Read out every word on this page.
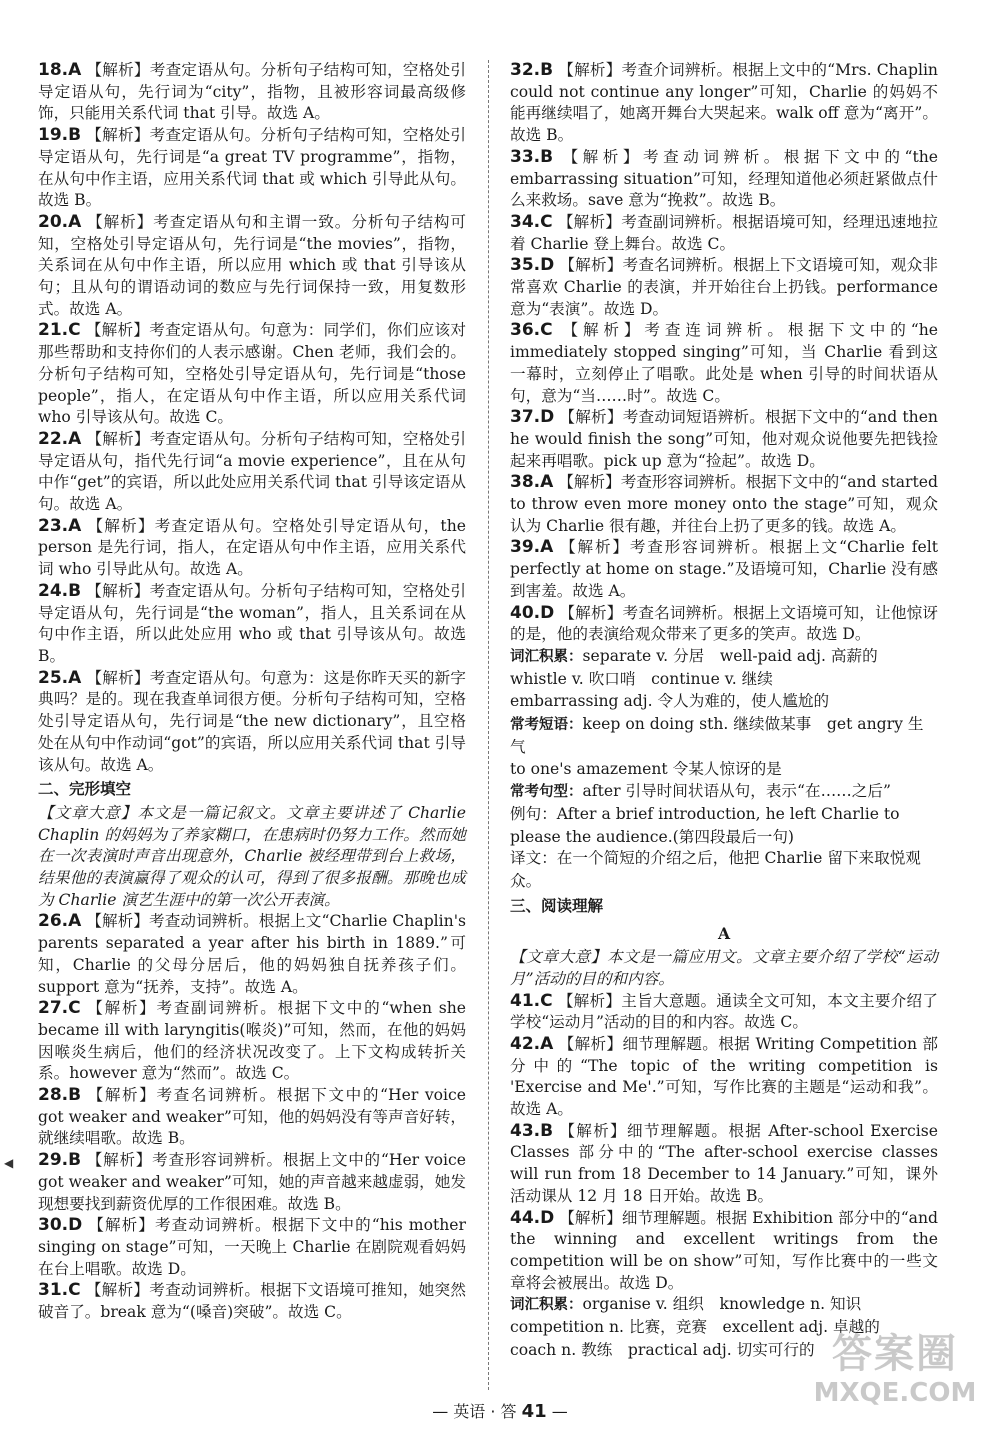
◀
18.A 【解析】考查定语从句。分析句子结构可知，空格处引导定语从句，先行词为“city”，指物，且被形容词最高级修饰，只能用关系代词 that 引导。故选 A。
19.B 【解析】考查定语从句。分析句子结构可知，空格处引导定语从句，先行词是“a great TV programme”，指物，在从句中作主语，应用关系代词 that 或 which 引导此从句。故选 B。
20.A 【解析】考查定语从句和主谓一致。分析句子结构可知，空格处引导定语从句，先行词是“the movies”，指物，关系词在从句中作主语，所以应用 which 或 that 引导该从句；且从句的谓语动词的数应与先行词保持一致，用复数形式。故选 A。
21.C 【解析】考查定语从句。句意为：同学们，你们应该对那些帮助和支持你们的人表示感谢。Chen 老师，我们会的。分析句子结构可知，空格处引导定语从句，先行词是“those people”，指人，在定语从句中作主语，所以应用关系代词 who 引导该从句。故选 C。
22.A 【解析】考查定语从句。分析句子结构可知，空格处引导定语从句，指代先行词“a movie experience”，且在从句中作“get”的宾语，所以此处应用关系代词 that 引导该定语从句。故选 A。
23.A 【解析】考查定语从句。空格处引导定语从句，the person 是先行词，指人，在定语从句中作主语，应用关系代词 who 引导此从句。故选 A。
24.B 【解析】考查定语从句。分析句子结构可知，空格处引导定语从句，先行词是“the woman”，指人，且关系词在从句中作主语，所以此处应用 who 或 that 引导该从句。故选 B。
25.A 【解析】考查定语从句。句意为：这是你昨天买的新字典吗？是的。现在我查单词很方便。分析句子结构可知，空格处引导定语从句，先行词是“the new dictionary”，且空格处在从句中作动词“got”的宾语，所以应用关系代词 that 引导该从句。故选 A。
二、完形填空
【文章大意】本文是一篇记叙文。文章主要讲述了 Charlie Chaplin 的妈妈为了养家糊口，在患病时仍努力工作。然而她在一次表演时声音出现意外，Charlie 被经理带到台上救场，结果他的表演赢得了观众的认可，得到了很多报酬。那晚也成为 Charlie 演艺生涯中的第一次公开表演。
26.A 【解析】考查动词辨析。根据上文“Charlie Chaplin's parents separated a year after his birth in 1889.”可知，Charlie 的父母分居后，他的妈妈独自抚养孩子们。support 意为“抚养，支持”。故选 A。
27.C 【解析】考查副词辨析。根据下文中的“when she became ill with laryngitis(喉炎)”可知，然而，在他的妈妈因喉炎生病后，他们的经济状况改变了。上下文构成转折关系。however 意为“然而”。故选 C。
28.B 【解析】考查名词辨析。根据下文中的“Her voice got weaker and weaker”可知，他的妈妈没有等声音好转，就继续唱歌。故选 B。
29.B 【解析】考查形容词辨析。根据上文中的“Her voice got weaker and weaker”可知，她的声音越来越虚弱，她发现想要找到薪资优厚的工作很困难。故选 B。
30.D 【解析】考查动词辨析。根据下文中的“his mother singing on stage”可知，一天晚上 Charlie 在剧院观看妈妈在台上唱歌。故选 D。
31.C 【解析】考查动词辨析。根据下文语境可推知，她突然破音了。break 意为“(嗓音)突破”。故选 C。
32.B 【解析】考查介词辨析。根据上文中的“Mrs. Chaplin could not continue any longer”可知，Charlie 的妈妈不能再继续唱了，她离开舞台大哭起来。walk off 意为“离开”。故选 B。
33.B 【解析】考查动词辨析。根据下文中的“the embarrassing situation”可知，经理知道他必须赶紧做点什么来救场。save 意为“挽救”。故选 B。
34.C 【解析】考查副词辨析。根据语境可知，经理迅速地拉着 Charlie 登上舞台。故选 C。
35.D 【解析】考查名词辨析。根据上下文语境可知，观众非常喜欢 Charlie 的表演，并开始往台上扔钱。performance 意为“表演”。故选 D。
36.C 【解析】考查连词辨析。根据下文中的“he immediately stopped singing”可知，当 Charlie 看到这一幕时，立刻停止了唱歌。此处是 when 引导的时间状语从句，意为“当……时”。故选 C。
37.D 【解析】考查动词短语辨析。根据下文中的“and then he would finish the song”可知，他对观众说他要先把钱捡起来再唱歌。pick up 意为“捡起”。故选 D。
38.A 【解析】考查形容词辨析。根据下文中的“and started to throw even more money onto the stage”可知，观众认为 Charlie 很有趣，并往台上扔了更多的钱。故选 A。
39.A 【解析】考查形容词辨析。根据上文“Charlie felt perfectly at home on stage.”及语境可知，Charlie 没有感到害羞。故选 A。
40.D 【解析】考查名词辨析。根据上文语境可知，让他惊讶的是，他的表演给观众带来了更多的笑声。故选 D。

词汇积累：separate v. 分居　well-paid adj. 高薪的

whistle v. 吹口哨　continue v. 继续

embarrassing adj. 令人为难的，使人尴尬的

常考短语：keep on doing sth. 继续做某事　get angry 生气

to one's amazement 令某人惊讶的是

常考句型：after 引导时间状语从句，表示“在……之后”

例句：After a brief introduction, he left Charlie to please the audience.(第四段最后一句)

译文：在一个简短的介绍之后，他把 Charlie 留下来取悦观众。

三、阅读理解
A
【文章大意】本文是一篇应用文。文章主要介绍了学校“运动月”活动的目的和内容。
41.C 【解析】主旨大意题。通读全文可知，本文主要介绍了学校“运动月”活动的目的和内容。故选 C。
42.A 【解析】细节理解题。根据 Writing Competition 部分中的“The topic of the writing competition is 'Exercise and Me'.”可知，写作比赛的主题是“运动和我”。故选 A。
43.B 【解析】细节理解题。根据 After-school Exercise Classes 部分中的“The after-school exercise classes will run from 18 December to 14 January.”可知，课外活动课从 12 月 18 日开始。故选 B。
44.D 【解析】细节理解题。根据 Exhibition 部分中的“and the winning and excellent writings from the competition will be on show”可知，写作比赛中的一些文章将会被展出。故选 D。

词汇积累：organise v. 组织　knowledge n. 知识

competition n. 比赛，竞赛　excellent adj. 卓越的

coach n. 教练　practical adj. 切实可行的

— 英语 · 答 41 —
答案圈
MXQE.COM
